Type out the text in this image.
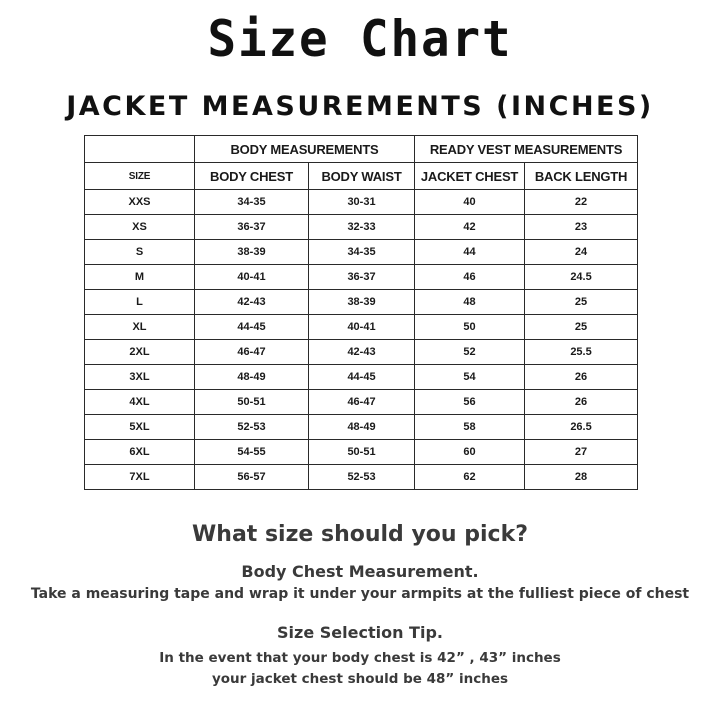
Size Chart
JACKET MEASUREMENTS (INCHES)
	BODY MEASUREMENTS		READY VEST MEASUREMENTS	
SIZE	BODY CHEST	BODY WAIST	JACKET CHEST	BACK LENGTH
XXS	34-35	30-31	40	22
XS	36-37	32-33	42	23
S	38-39	34-35	44	24
M	40-41	36-37	46	24.5
L	42-43	38-39	48	25
XL	44-45	40-41	50	25
2XL	46-47	42-43	52	25.5
3XL	48-49	44-45	54	26
4XL	50-51	46-47	56	26
5XL	52-53	48-49	58	26.5
6XL	54-55	50-51	60	27
7XL	56-57	52-53	62	28
What size should you pick?
Body Chest Measurement.
Take a measuring tape and wrap it under your armpits at the fulliest piece of chest
Size Selection Tip.
In the event that your body chest is 42” , 43” inches
your jacket chest should be 48” inches
